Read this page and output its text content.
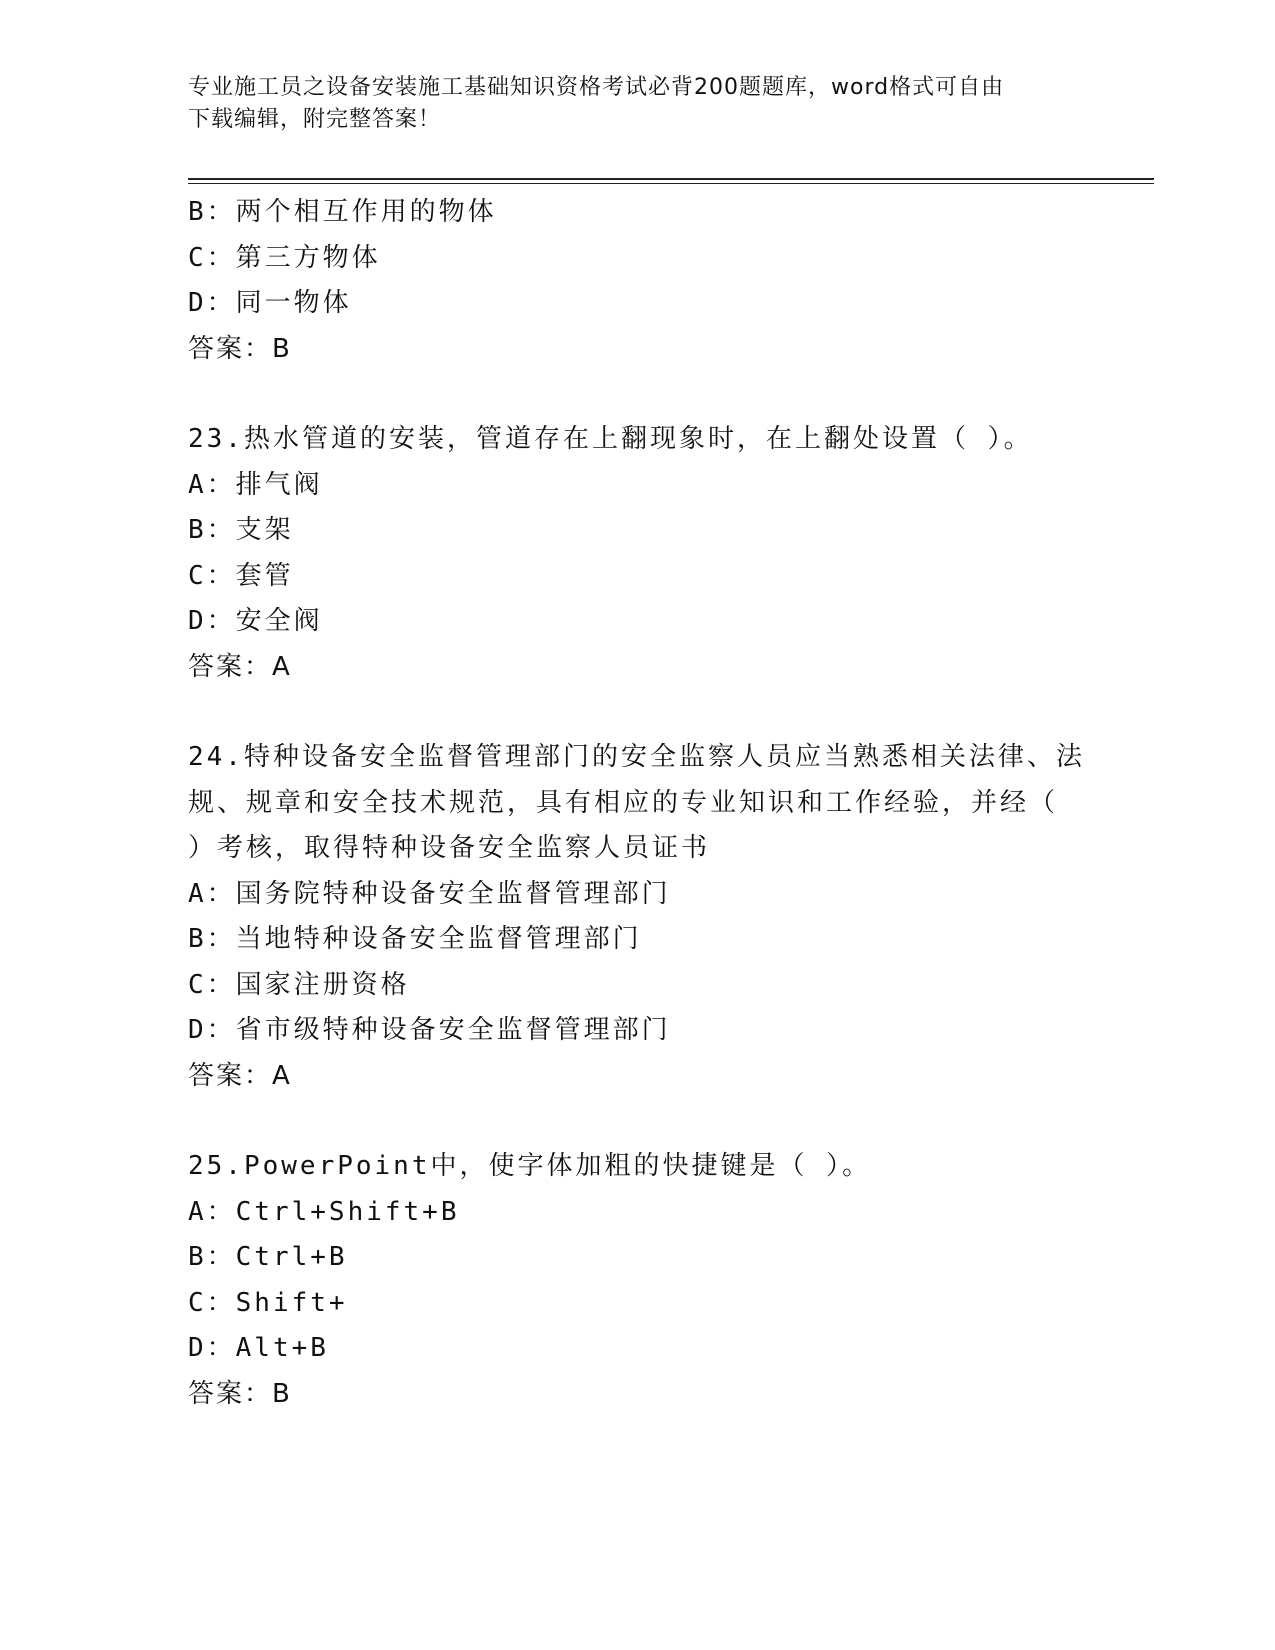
专业施工员之设备安装施工基础知识资格考试必背200题题库，word格式可自由
下载编辑，附完整答案！
B：两个相互作用的物体
C：第三方物体
D：同一物体
答案：B
23.热水管道的安装，管道存在上翻现象时，在上翻处设置（ ）。
A：排气阀
B：支架
C：套管
D：安全阀
答案：A
24.特种设备安全监督管理部门的安全监察人员应当熟悉相关法律、法
规、规章和安全技术规范，具有相应的专业知识和工作经验，并经（
）考核，取得特种设备安全监察人员证书
A：国务院特种设备安全监督管理部门
B：当地特种设备安全监督管理部门
C：国家注册资格
D：省市级特种设备安全监督管理部门
答案：A
25.PowerPoint中，使字体加粗的快捷键是（ ）。
A：Ctrl+Shift+B
B：Ctrl+B
C：Shift+
D：Alt+B
答案：B
